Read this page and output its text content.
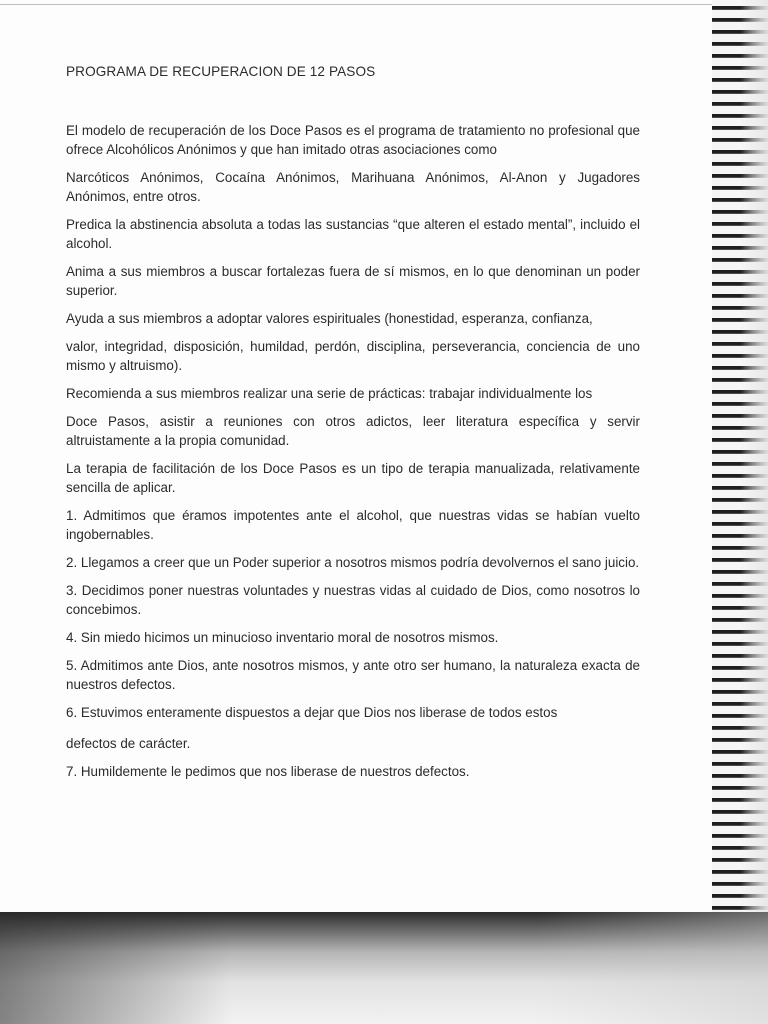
PROGRAMA DE RECUPERACION DE 12 PASOS

El modelo de recuperación de los Doce Pasos es el programa de tratamiento no profesional que ofrece Alcohólicos Anónimos y que han imitado otras asociaciones como

Narcóticos Anónimos, Cocaína Anónimos, Marihuana Anónimos, Al-Anon y Jugadores Anónimos, entre otros.

Predica la abstinencia absoluta a todas las sustancias “que alteren el estado mental”, incluido el alcohol.

Anima a sus miembros a buscar fortalezas fuera de sí mismos, en lo que denominan un poder superior.

Ayuda a sus miembros a adoptar valores espirituales (honestidad, esperanza, confianza,

valor, integridad, disposición, humildad, perdón, disciplina, perseverancia, conciencia de uno mismo y altruismo).

Recomienda a sus miembros realizar una serie de prácticas: trabajar individualmente los

Doce Pasos, asistir a reuniones con otros adictos, leer literatura específica y servir altruistamente a la propia comunidad.

La terapia de facilitación de los Doce Pasos es un tipo de terapia manualizada, relativamente sencilla de aplicar.

1. Admitimos que éramos impotentes ante el alcohol, que nuestras vidas se habían vuelto ingobernables.

2. Llegamos a creer que un Poder superior a nosotros mismos podría devolvernos el sano juicio.

3. Decidimos poner nuestras voluntades y nuestras vidas al cuidado de Dios, como nosotros lo concebimos.

4. Sin miedo hicimos un minucioso inventario moral de nosotros mismos.

5. Admitimos ante Dios, ante nosotros mismos, y ante otro ser humano, la naturaleza exacta de nuestros defectos.

6. Estuvimos enteramente dispuestos a dejar que Dios nos liberase de todos estos

defectos de carácter.

7. Humildemente le pedimos que nos liberase de nuestros defectos.
